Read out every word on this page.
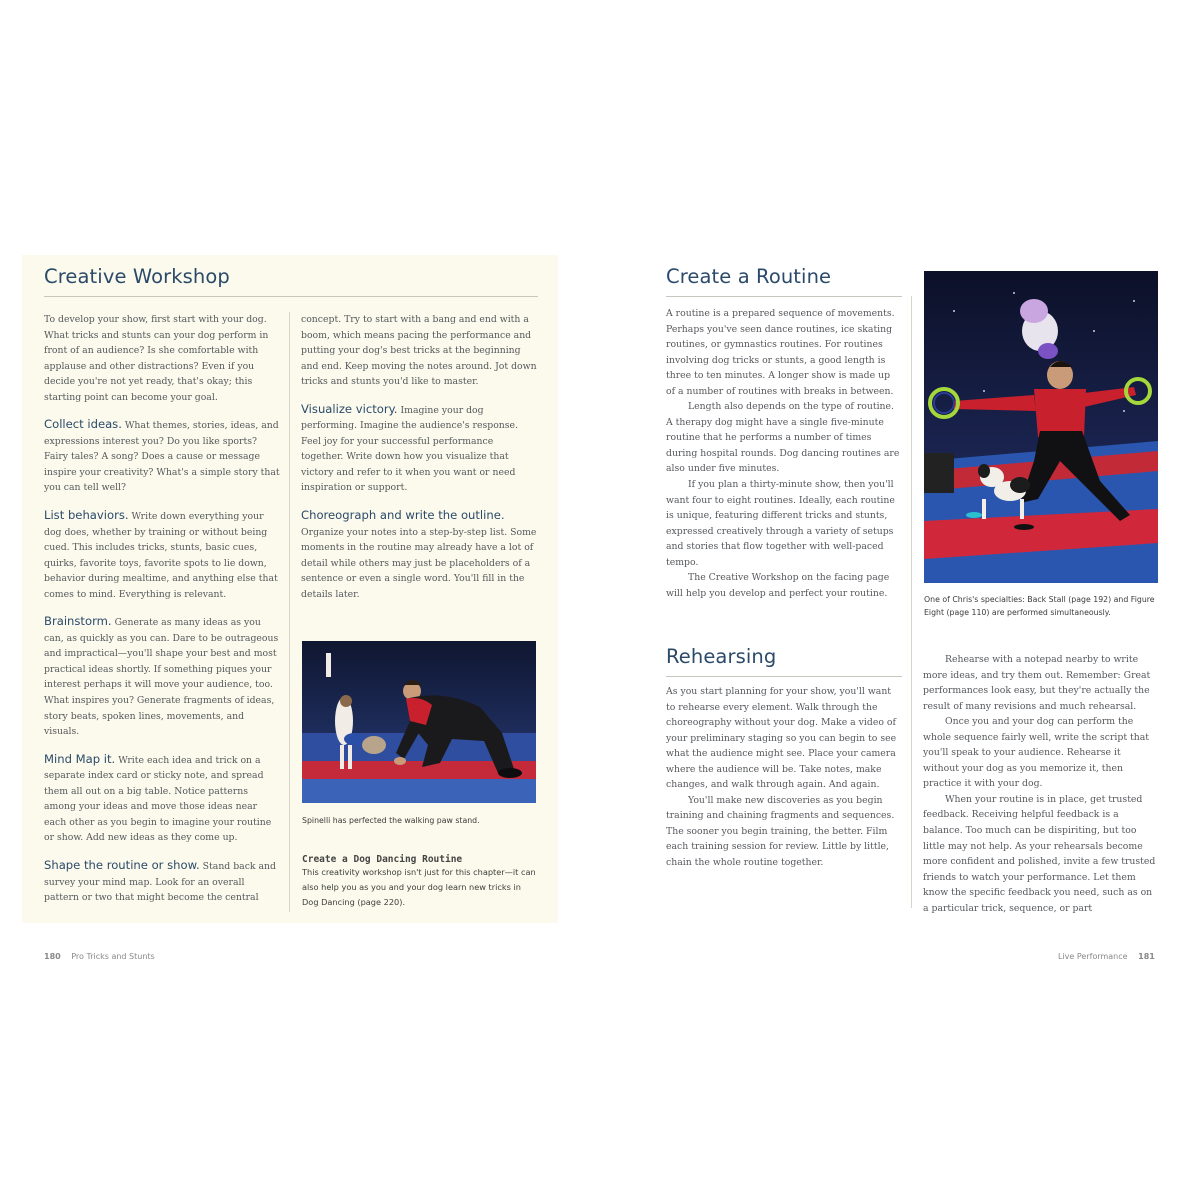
Creative Workshop

To develop your show, first start with your dog. What tricks and stunts can your dog perform in front of an audience? Is she comfortable with applause and other distractions? Even if you decide you're not yet ready, that's okay; this starting point can become your goal.

Collect ideas. What themes, stories, ideas, and expressions interest you? Do you like sports? Fairy tales? A song? Does a cause or message inspire your creativity? What's a simple story that you can tell well?

List behaviors. Write down everything your dog does, whether by training or without being cued. This includes tricks, stunts, basic cues, quirks, favorite toys, favorite spots to lie down, behavior during mealtime, and anything else that comes to mind. Everything is relevant.

Brainstorm. Generate as many ideas as you can, as quickly as you can. Dare to be outrageous and impractical—you'll shape your best and most practical ideas shortly. If something piques your interest perhaps it will move your audience, too. What inspires you? Generate fragments of ideas, story beats, spoken lines, movements, and visuals.

Mind Map it. Write each idea and trick on a separate index card or sticky note, and spread them all out on a big table. Notice patterns among your ideas and move those ideas near each other as you begin to imagine your routine or show. Add new ideas as they come up.

Shape the routine or show. Stand back and survey your mind map. Look for an overall pattern or two that might become the central

concept. Try to start with a bang and end with a boom, which means pacing the performance and putting your dog's best tricks at the beginning and end. Keep moving the notes around. Jot down tricks and stunts you'd like to master.

Visualize victory. Imagine your dog performing. Imagine the audience's response. Feel joy for your successful performance together. Write down how you visualize that victory and refer to it when you want or need inspiration or support.

Choreograph and write the outline. Organize your notes into a step-by-step list. Some moments in the routine may already have a lot of detail while others may just be placeholders of a sentence or even a single word. You'll fill in the details later.

Spinelli has perfected the walking paw stand.
Create a Dog Dancing Routine
This creativity workshop isn't just for this chapter—it can also help you as you and your dog learn new tricks in Dog Dancing (page 220).
180 Pro Tricks and Stunts
Create a Routine

A routine is a prepared sequence of movements. Perhaps you've seen dance routines, ice skating routines, or gymnastics routines. For routines involving dog tricks or stunts, a good length is three to ten minutes. A longer show is made up of a number of routines with breaks in between.

Length also depends on the type of routine. A therapy dog might have a single five-minute routine that he performs a number of times during hospital rounds. Dog dancing routines are also under five minutes.

If you plan a thirty-minute show, then you'll want four to eight routines. Ideally, each routine is unique, featuring different tricks and stunts, expressed creatively through a variety of setups and stories that flow together with well-paced tempo.

The Creative Workshop on the facing page will help you develop and perfect your routine.

One of Chris's specialties: Back Stall (page 192) and Figure Eight (page 110) are performed simultaneously.
Rehearsing

As you start planning for your show, you'll want to rehearse every element. Walk through the choreography without your dog. Make a video of your preliminary staging so you can begin to see what the audience might see. Place your camera where the audience will be. Take notes, make changes, and walk through again. And again.

You'll make new discoveries as you begin training and chaining fragments and sequences. The sooner you begin training, the better. Film each training session for review. Little by little, chain the whole routine together.

Rehearse with a notepad nearby to write more ideas, and try them out. Remember: Great performances look easy, but they're actually the result of many revisions and much rehearsal.

Once you and your dog can perform the whole sequence fairly well, write the script that you'll speak to your audience. Rehearse it without your dog as you memorize it, then practice it with your dog.

When your routine is in place, get trusted feedback. Receiving helpful feedback is a balance. Too much can be dispiriting, but too little may not help. As your rehearsals become more confident and polished, invite a few trusted friends to watch your performance. Let them know the specific feedback you need, such as on a particular trick, sequence, or part

Live Performance 181
